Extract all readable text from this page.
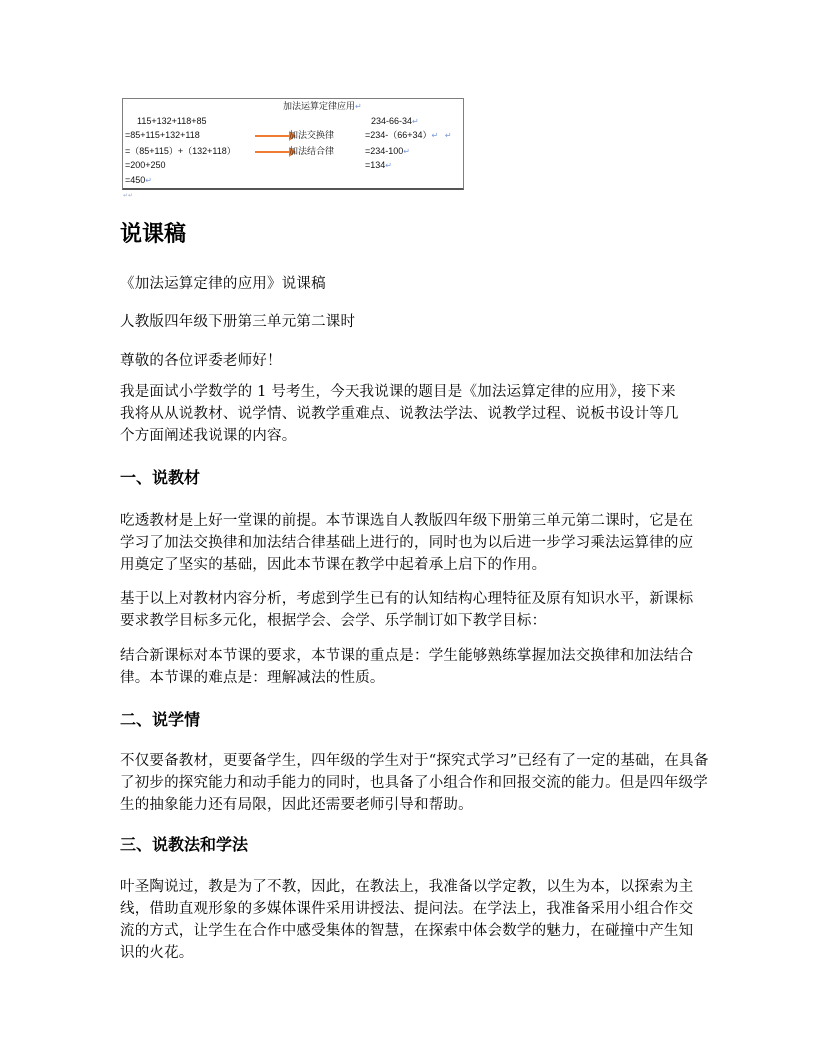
加法运算定律应用↵
115+132+118+85
=85+115+132+118
=（85+115）+（132+118）
=200+250
=450↵
加法交换律
加法结合律
234-66-34↵
=234-（66+34）↵   ↵
=234-100↵
=134↵
↵↵
说课稿

《加法运算定律的应用》说课稿

人教版四年级下册第三单元第二课时

尊敬的各位评委老师好！

我是面试小学数学的 1 号考生，今天我说课的题目是《加法运算定律的应用》，接下来我将从从说教材、说学情、说教学重难点、说教法学法、说教学过程、说板书设计等几个方面阐述我说课的内容。

一、说教材

吃透教材是上好一堂课的前提。本节课选自人教版四年级下册第三单元第二课时，它是在学习了加法交换律和加法结合律基础上进行的，同时也为以后进一步学习乘法运算律的应用奠定了坚实的基础，因此本节课在教学中起着承上启下的作用。

基于以上对教材内容分析，考虑到学生已有的认知结构心理特征及原有知识水平，新课标要求教学目标多元化，根据学会、会学、乐学制订如下教学目标：

结合新课标对本节课的要求，本节课的重点是：学生能够熟练掌握加法交换律和加法结合律。本节课的难点是：理解减法的性质。

二、说学情

不仅要备教材，更要备学生，四年级的学生对于“探究式学习”已经有了一定的基础，在具备了初步的探究能力和动手能力的同时，也具备了小组合作和回报交流的能力。但是四年级学生的抽象能力还有局限，因此还需要老师引导和帮助。

三、说教法和学法

叶圣陶说过，教是为了不教，因此，在教法上，我准备以学定教，以生为本，以探索为主线，借助直观形象的多媒体课件采用讲授法、提问法。在学法上，我准备采用小组合作交流的方式，让学生在合作中感受集体的智慧，在探索中体会数学的魅力，在碰撞中产生知识的火花。
